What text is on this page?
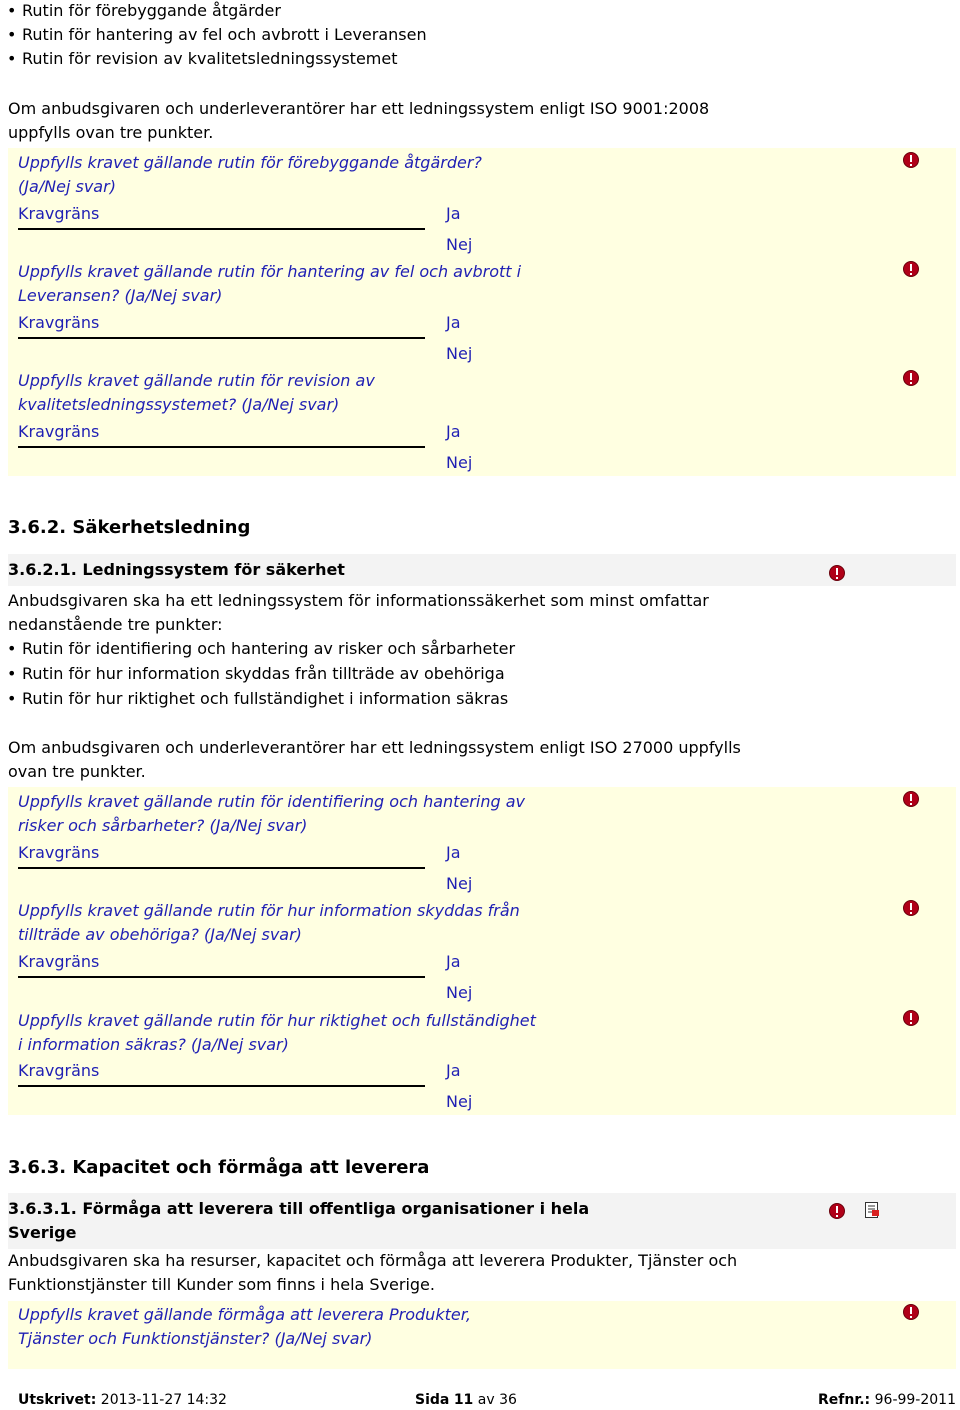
• Rutin för förebyggande åtgärder
• Rutin för hantering av fel och avbrott i Leveransen
• Rutin för revision av kvalitetsledningssystemet
Om anbudsgivaren och underleverantörer har ett ledningssystem enligt ISO 9001:2008
uppfylls ovan tre punkter.
Uppfylls kravet gällande rutin för förebyggande åtgärder?
(Ja/Nej svar)
Kravgräns	Ja
Nej
Uppfylls kravet gällande rutin för hantering av fel och avbrott i
Leveransen? (Ja/Nej svar)
Kravgräns	Ja
Nej
Uppfylls kravet gällande rutin för revision av
kvalitetsledningssystemet? (Ja/Nej svar)
Kravgräns	Ja
Nej
3.6.2. Säkerhetsledning
3.6.2.1. Ledningssystem för säkerhet
Anbudsgivaren ska ha ett ledningssystem för informationssäkerhet som minst omfattar
nedanstående tre punkter:
• Rutin för identifiering och hantering av risker och sårbarheter
• Rutin för hur information skyddas från tillträde av obehöriga
• Rutin för hur riktighet och fullständighet i information säkras
Om anbudsgivaren och underleverantörer har ett ledningssystem enligt ISO 27000 uppfylls
ovan tre punkter.
Uppfylls kravet gällande rutin för identifiering och hantering av
risker och sårbarheter? (Ja/Nej svar)
Kravgräns	Ja
Nej
Uppfylls kravet gällande rutin för hur information skyddas från
tillträde av obehöriga? (Ja/Nej svar)
Kravgräns	Ja
Nej
Uppfylls kravet gällande rutin för hur riktighet och fullständighet
i information säkras? (Ja/Nej svar)
Kravgräns	Ja
Nej
3.6.3. Kapacitet och förmåga att leverera
3.6.3.1. Förmåga att leverera till offentliga organisationer i hela
Sverige
Anbudsgivaren ska ha resurser, kapacitet och förmåga att leverera Produkter, Tjänster och
Funktionstjänster till Kunder som finns i hela Sverige.
Uppfylls kravet gällande förmåga att leverera Produkter,
Tjänster och Funktionstjänster? (Ja/Nej svar)
Utskrivet: 2013-11-27 14:32	Sida 11 av 36	Refnr.: 96-99-2011
